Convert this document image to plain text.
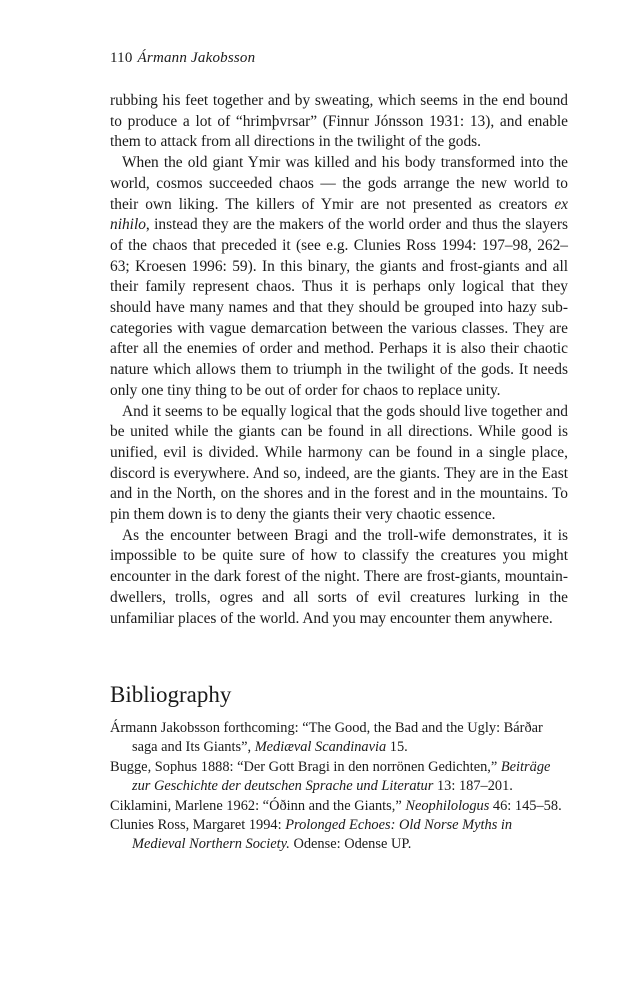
110 Ármann Jakobsson

rubbing his feet together and by sweating, which seems in the end bound to produce a lot of “hrimþvrsar” (Finnur Jónsson 1931: 13), and enable them to attack from all directions in the twilight of the gods.

When the old giant Ymir was killed and his body transformed into the world, cosmos succeeded chaos — the gods arrange the new world to their own liking. The killers of Ymir are not presented as creators ex nihilo, instead they are the makers of the world order and thus the slayers of the chaos that preceded it (see e.g. Clunies Ross 1994: 197–98, 262–63; Kroesen 1996: 59). In this binary, the giants and frost-giants and all their family represent chaos. Thus it is perhaps only logical that they should have many names and that they should be grouped into hazy sub-categories with vague demarcation between the various classes. They are after all the enemies of order and method. Perhaps it is also their chaotic nature which allows them to triumph in the twilight of the gods. It needs only one tiny thing to be out of order for chaos to replace unity.

And it seems to be equally logical that the gods should live together and be united while the giants can be found in all directions. While good is unified, evil is divided. While harmony can be found in a single place, discord is everywhere. And so, indeed, are the giants. They are in the East and in the North, on the shores and in the forest and in the mountains. To pin them down is to deny the giants their very chaotic essence.

As the encounter between Bragi and the troll-wife demonstrates, it is impossible to be quite sure of how to classify the creatures you might encounter in the dark forest of the night. There are frost-giants, mountain-dwellers, trolls, ogres and all sorts of evil creatures lurking in the unfamiliar places of the world. And you may encounter them anywhere.

Bibliography

Ármann Jakobsson forthcoming: “The Good, the Bad and the Ugly: Bárðar saga and Its Giants”, Mediæval Scandinavia 15.

Bugge, Sophus 1888: “Der Gott Bragi in den norrönen Gedichten,” Beiträge zur Geschichte der deutschen Sprache und Literatur 13: 187–201.

Ciklamini, Marlene 1962: “Óðinn and the Giants,” Neophilologus 46: 145–58.

Clunies Ross, Margaret 1994: Prolonged Echoes: Old Norse Myths in Medieval Northern Society. Odense: Odense UP.
